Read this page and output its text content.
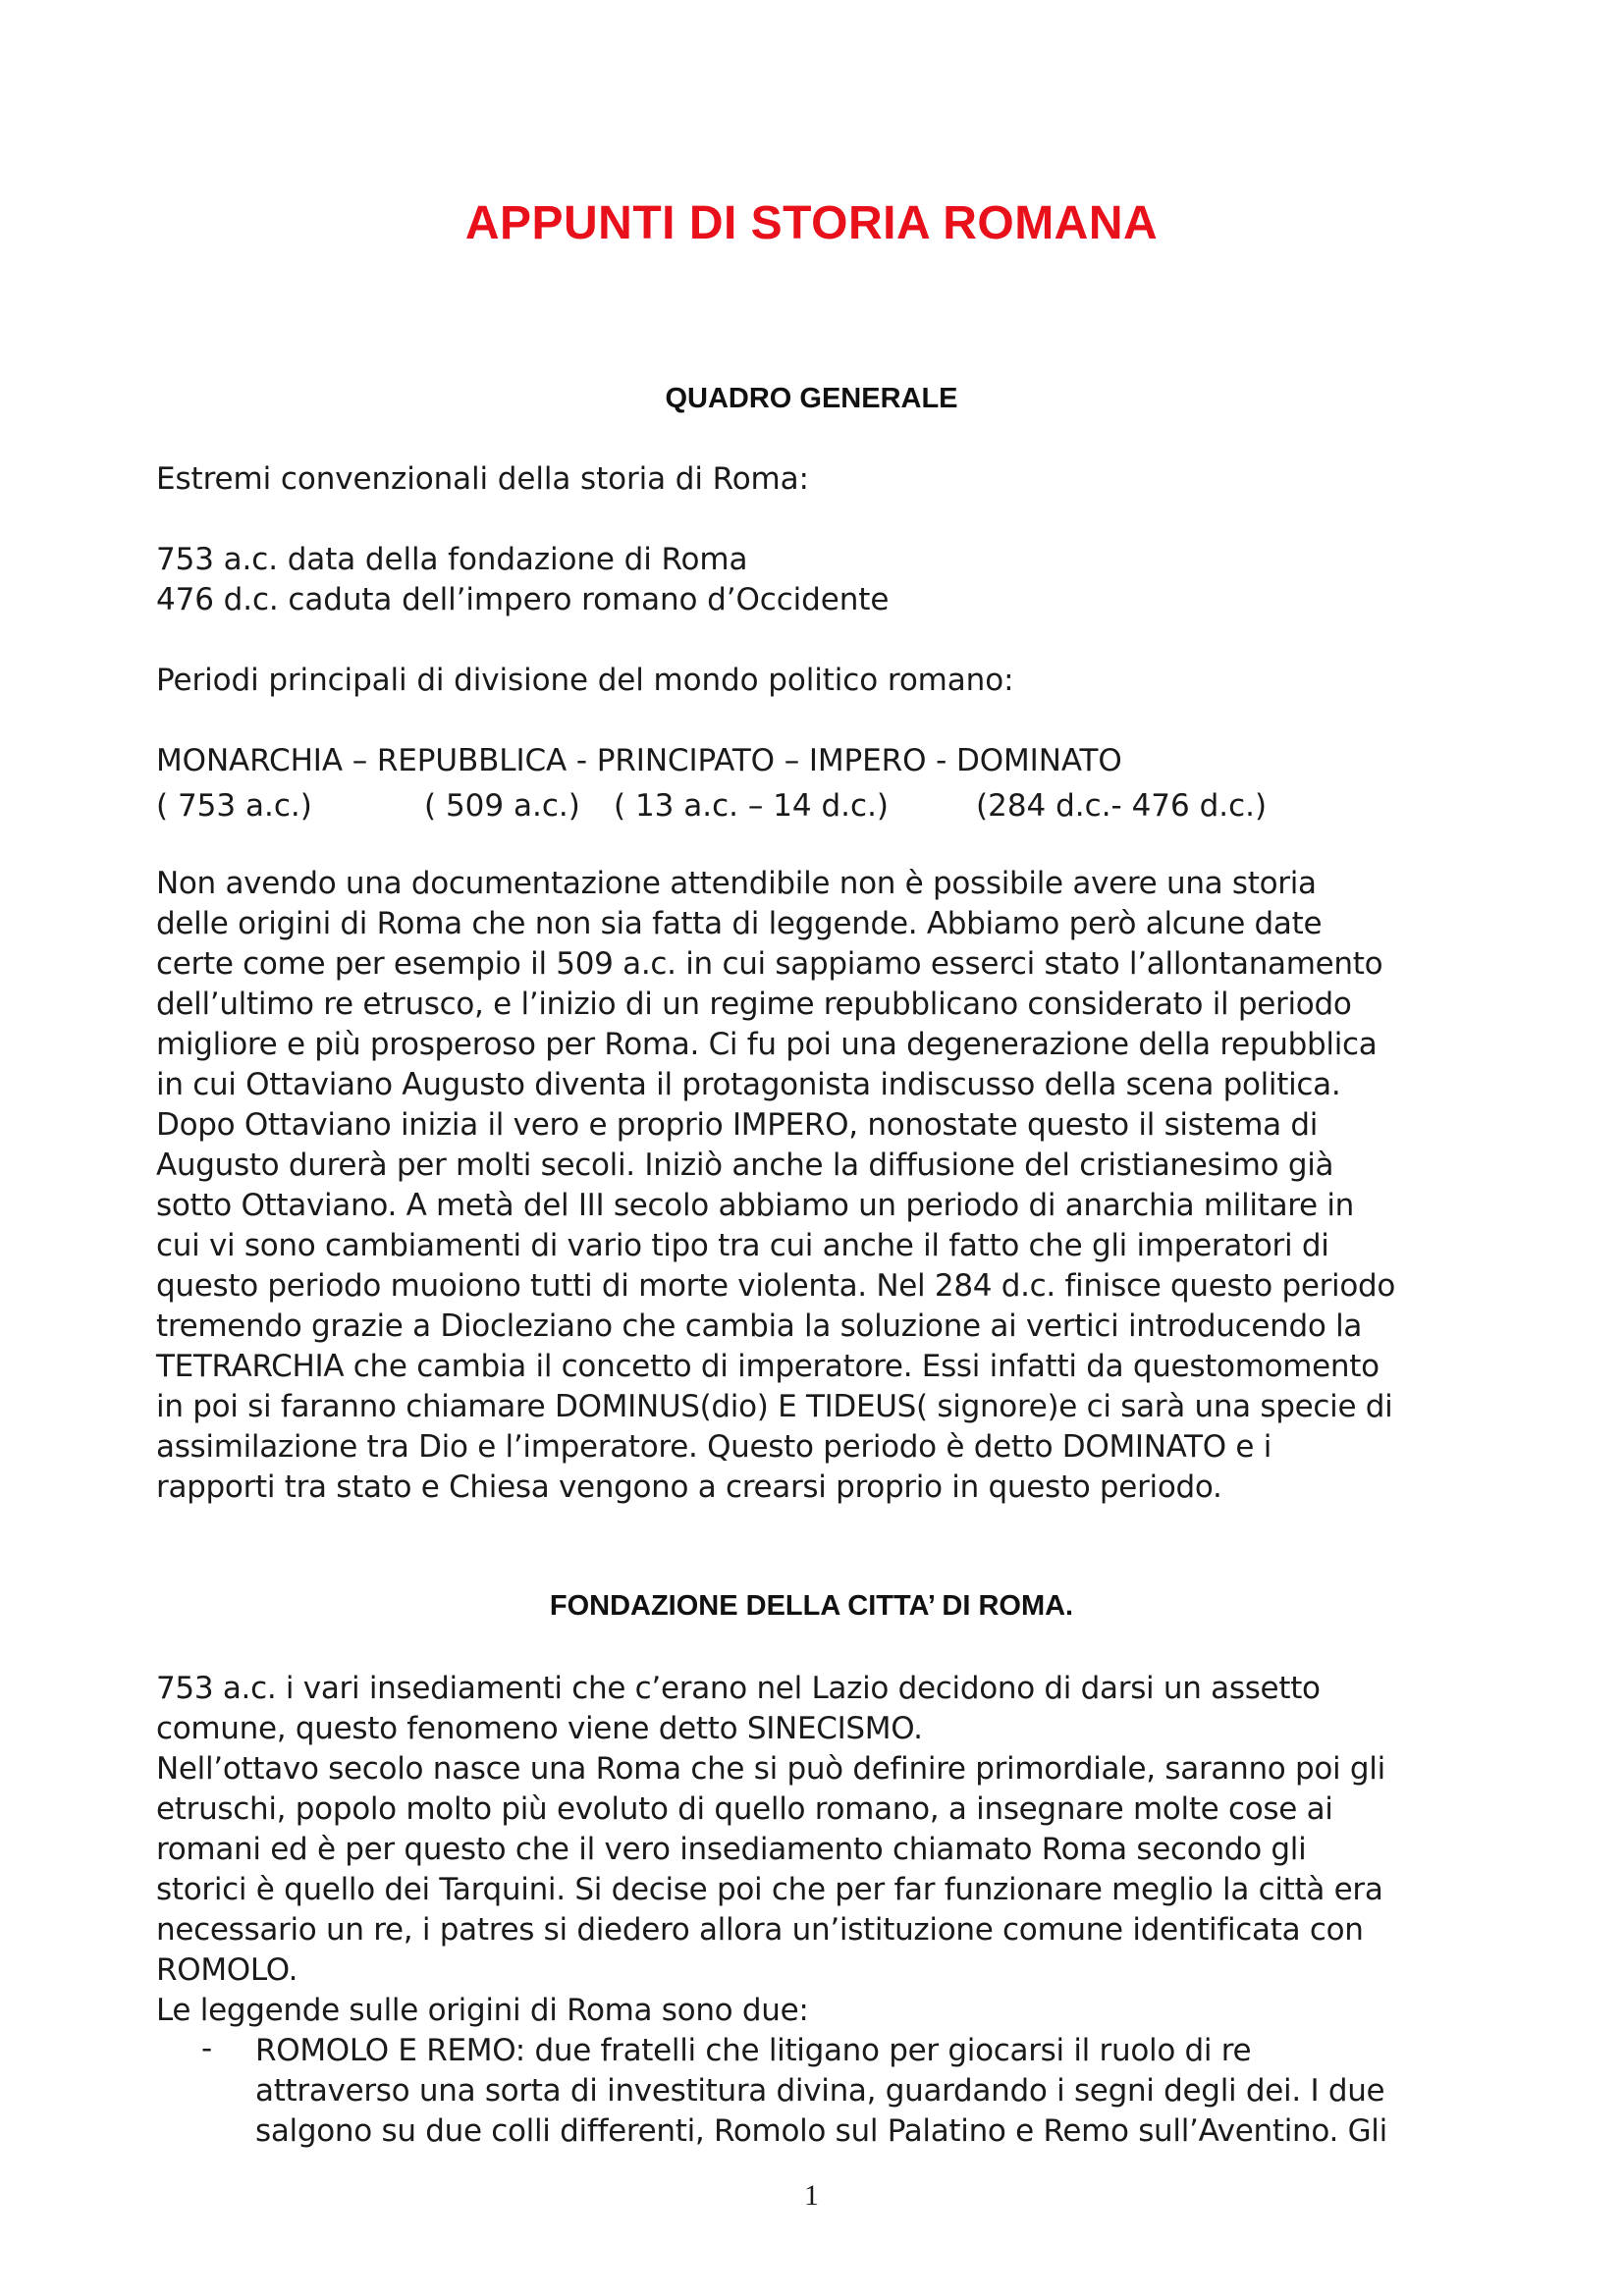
APPUNTI DI STORIA ROMANA
QUADRO GENERALE

Estremi convenzionali della storia di Roma:

753 a.c. data della fondazione di Roma

476 d.c. caduta dell’impero romano d’Occidente

Periodi principali di divisione del mondo politico romano:

MONARCHIA – REPUBBLICA - PRINCIPATO – IMPERO - DOMINATO

( 753 a.c.)	( 509 a.c.) ( 13 a.c. – 14 d.c.)	(284 d.c.- 476 d.c.)

Non avendo una documentazione attendibile non è possibile avere una storia

delle origini di Roma che non sia fatta di leggende. Abbiamo però alcune date

certe come per esempio il 509 a.c. in cui sappiamo esserci stato l’allontanamento

dell’ultimo re etrusco, e l’inizio di un regime repubblicano considerato il periodo

migliore e più prosperoso per Roma. Ci fu poi una degenerazione della repubblica

in cui Ottaviano Augusto diventa il protagonista indiscusso della scena politica.

Dopo Ottaviano inizia il vero e proprio IMPERO, nonostate questo il sistema di

Augusto durerà per molti secoli. Iniziò anche la diffusione del cristianesimo già

sotto Ottaviano. A metà del III secolo abbiamo un periodo di anarchia militare in

cui vi sono cambiamenti di vario tipo tra cui anche il fatto che gli imperatori di

questo periodo muoiono tutti di morte violenta. Nel 284 d.c. finisce questo periodo

tremendo grazie a Diocleziano che cambia la soluzione ai vertici introducendo la

TETRARCHIA che cambia il concetto di imperatore. Essi infatti da questomomento

in poi si faranno chiamare DOMINUS(dio) E TIDEUS( signore)e ci sarà una specie di

assimilazione tra Dio e l’imperatore. Questo periodo è detto DOMINATO e i

rapporti tra stato e Chiesa vengono a crearsi proprio in questo periodo.

FONDAZIONE DELLA CITTA’ DI ROMA.

753 a.c. i vari insediamenti che c’erano nel Lazio decidono di darsi un assetto

comune, questo fenomeno viene detto SINECISMO.

Nell’ottavo secolo nasce una Roma che si può definire primordiale, saranno poi gli

etruschi, popolo molto più evoluto di quello romano, a insegnare molte cose ai

romani ed è per questo che il vero insediamento chiamato Roma secondo gli

storici è quello dei Tarquini. Si decise poi che per far funzionare meglio la città era

necessario un re, i patres si diedero allora un’istituzione comune identificata con

ROMOLO.

Le leggende sulle origini di Roma sono due:

- ROMOLO E REMO: due fratelli che litigano per giocarsi il ruolo di re

attraverso una sorta di investitura divina, guardando i segni degli dei. I due

salgono su due colli differenti, Romolo sul Palatino e Remo sull’Aventino. Gli

1
